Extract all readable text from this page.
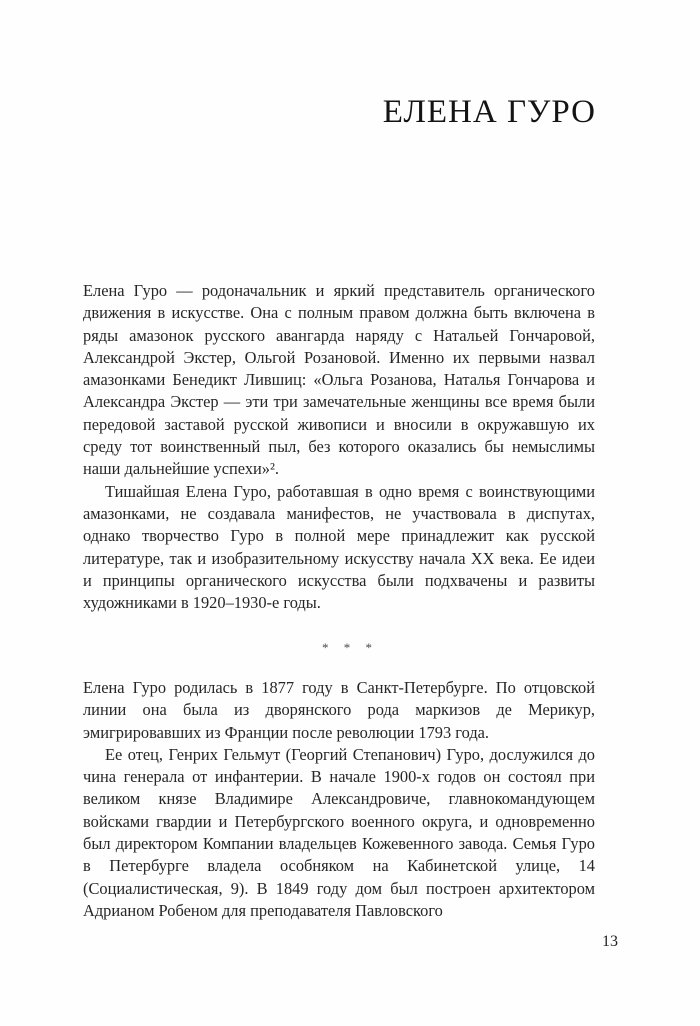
ЕЛЕНА ГУРО

Елена Гуро — родоначальник и яркий представитель органического движения в искусстве. Она с полным правом должна быть включена в ряды амазонок русского авангарда наряду с Натальей Гончаровой, Александрой Экстер, Ольгой Розановой. Именно их первыми назвал амазонками Бенедикт Лившиц: «Ольга Розанова, Наталья Гончарова и Александра Экстер — эти три замечательные женщины все время были передовой заставой русской живописи и вносили в окружавшую их среду тот воинственный пыл, без которого оказались бы немыслимы наши дальнейшие успехи»².

Тишайшая Елена Гуро, работавшая в одно время с воинствующими амазонками, не создавала манифестов, не участвовала в диспутах, однако творчество Гуро в полной мере принадлежит как русской литературе, так и изобразительному искусству начала XX века. Ее идеи и принципы органического искусства были подхвачены и развиты художниками в 1920–1930-е годы.

* * *

Елена Гуро родилась в 1877 году в Санкт-Петербурге. По отцовской линии она была из дворянского рода маркизов де Мерикур, эмигрировавших из Франции после революции 1793 года.

Ее отец, Генрих Гельмут (Георгий Степанович) Гуро, дослужился до чина генерала от инфантерии. В начале 1900-х годов он состоял при великом князе Владимире Александровиче, главнокомандующем войсками гвардии и Петербургского военного округа, и одновременно был директором Компании владельцев Кожевенного завода. Семья Гуро в Петербурге владела особняком на Кабинетской улице, 14 (Социалистическая, 9). В 1849 году дом был построен архитектором Адрианом Робеном для преподавателя Павловского

13
